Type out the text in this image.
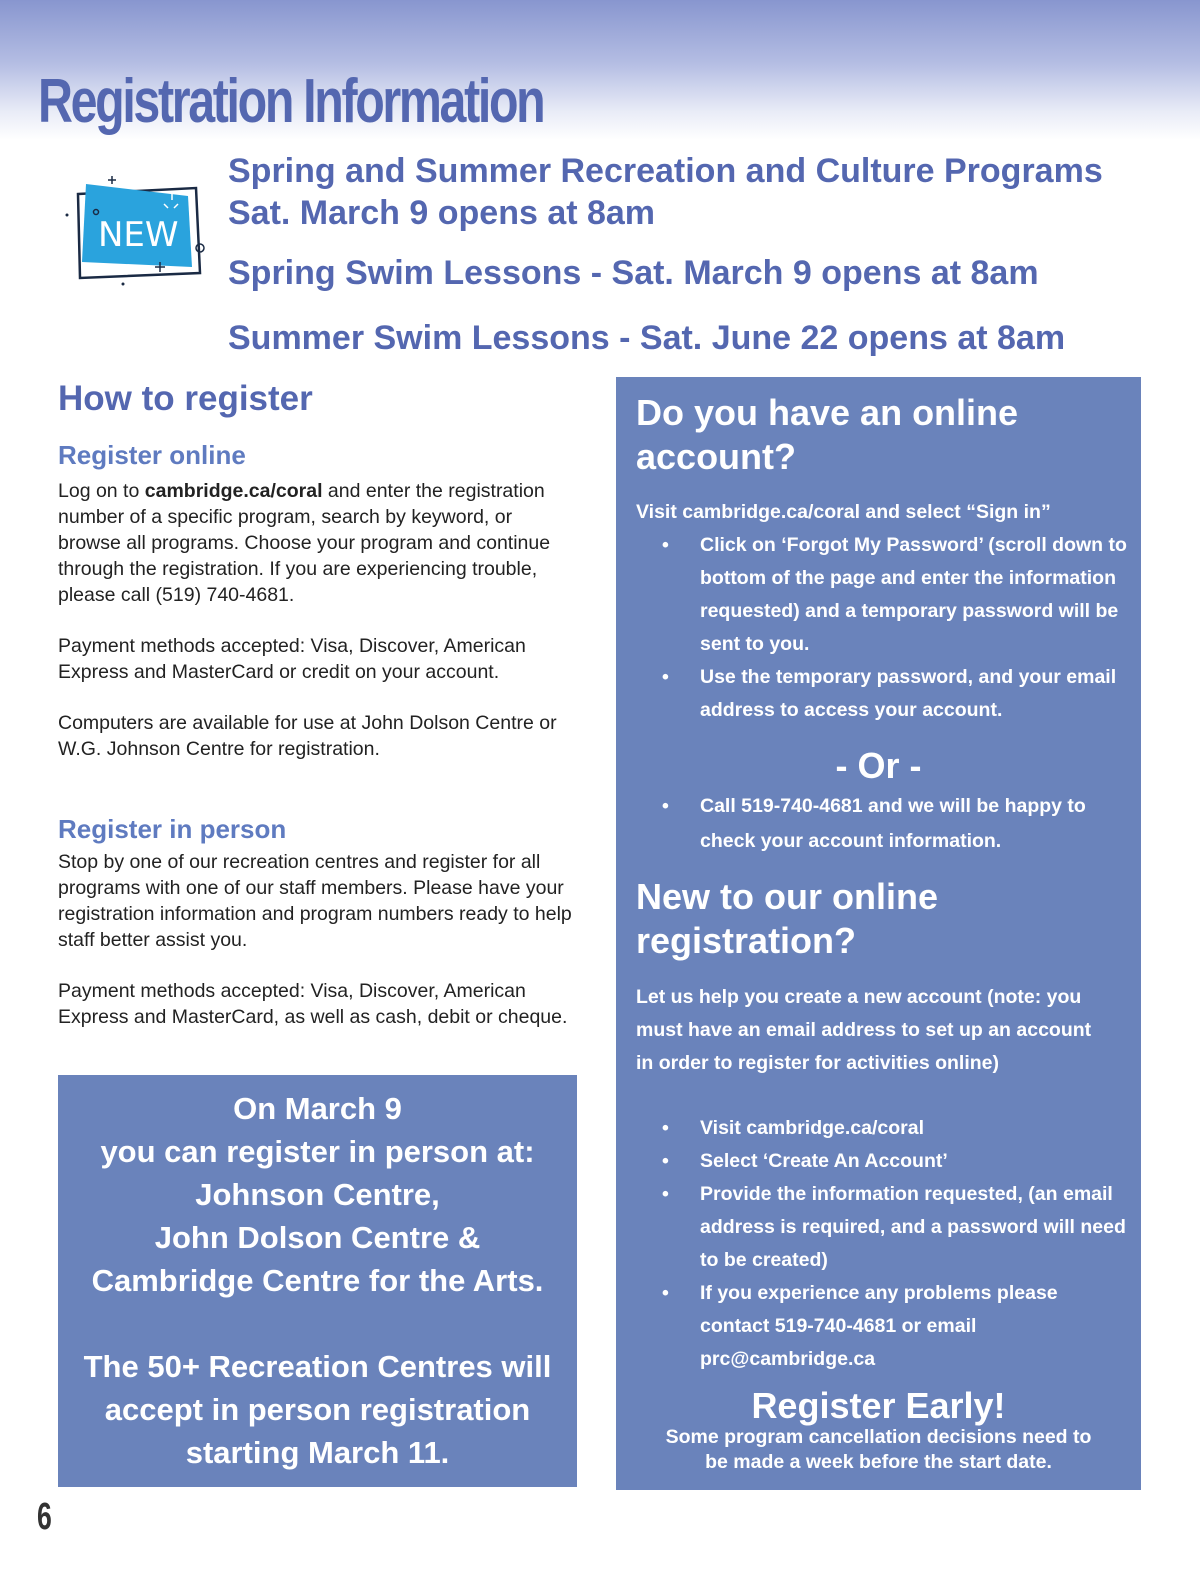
Registration Information
NEW
Spring and Summer Recreation and Culture Programs
Sat. March 9 opens at 8am
Spring Swim Lessons - Sat. March 9 opens at 8am
Summer Swim Lessons - Sat. June 22 opens at 8am
How to register
Register online

Log on to cambridge.ca/coral and enter the registration number of a specific program, search by keyword, or browse all programs. Choose your program and continue through the registration. If you are experiencing trouble, please call (519) 740-4681.

Payment methods accepted: Visa, Discover, American Express and MasterCard or credit on your account.

Computers are available for use at John Dolson Centre or W.G. Johnson Centre for registration.

Register in person

Stop by one of our recreation centres and register for all programs with one of our staff members. Please have your registration information and program numbers ready to help staff better assist you.

Payment methods accepted: Visa, Discover, American Express and MasterCard, as well as cash, debit or cheque.

On March 9
you can register in person at:
Johnson Centre,
John Dolson Centre &
Cambridge Centre for the Arts.
The 50+ Recreation Centres will
accept in person registration
starting March 11.
Do you have an online
account?
Visit cambridge.ca/coral and select “Sign in”
• Click on ‘Forgot My Password’ (scroll down to bottom of the page and enter the information requested) and a temporary password will be sent to you.
• Use the temporary password, and your email address to access your account.
- Or -
• Call 519-740-4681 and we will be happy to check your account information.
New to our online
registration?
Let us help you create a new account (note: you must have an email address to set up an account in order to register for activities online)
• Visit cambridge.ca/coral
• Select ‘Create An Account’
• Provide the information requested, (an email address is required, and a password will need to be created)
• If you experience any problems please contact 519-740-4681 or email prc@cambridge.ca
Register Early!
Some program cancellation decisions need to
be made a week before the start date.
6
